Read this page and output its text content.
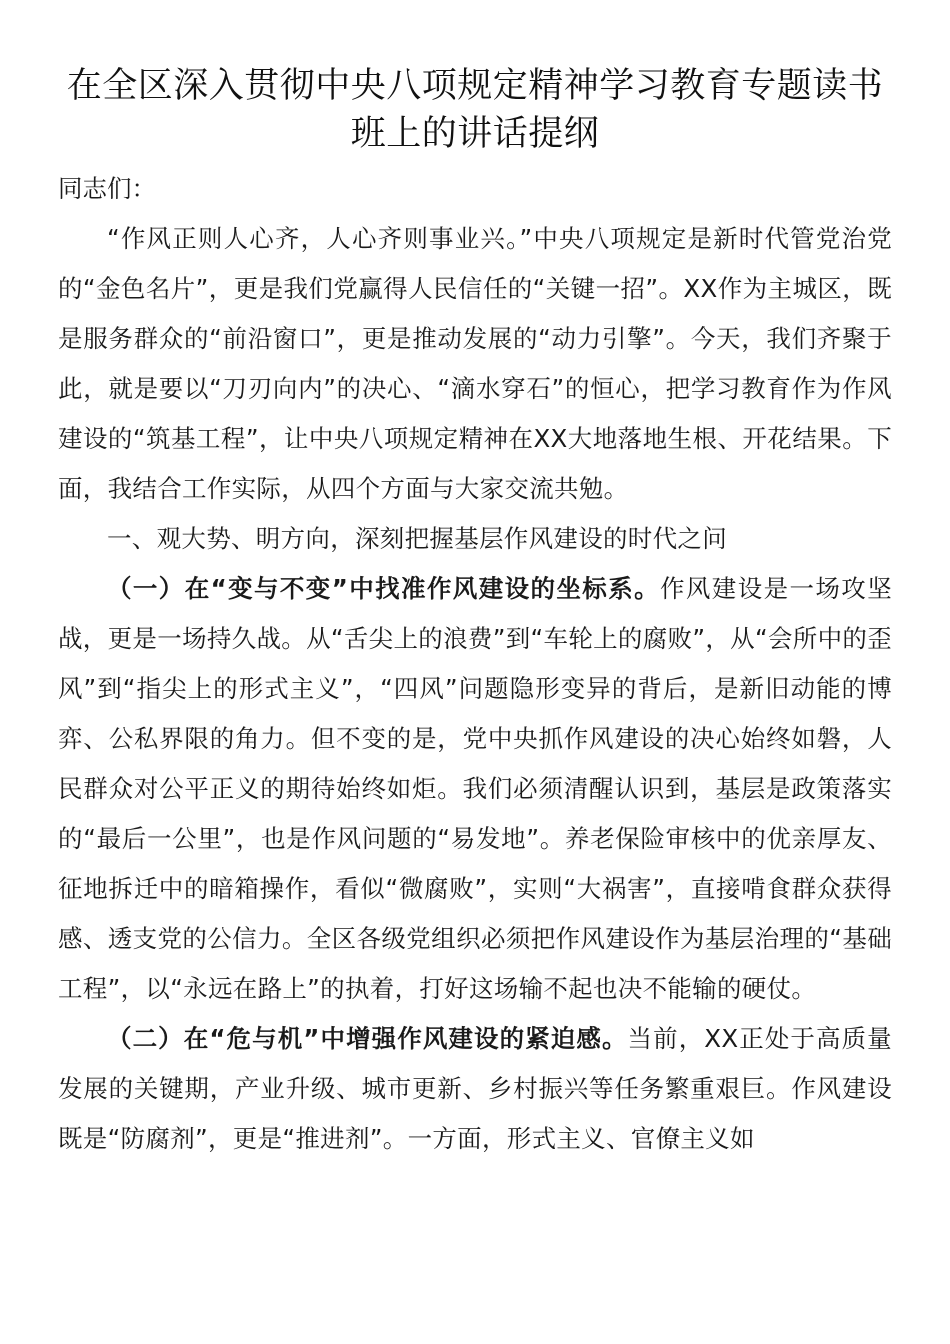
在全区深入贯彻中央八项规定精神学习教育专题读书班上的讲话提纲

同志们：

“作风正则人心齐，人心齐则事业兴。”中央八项规定是新时代管党治党的“金色名片”，更是我们党赢得人民信任的“关键一招”。XX作为主城区，既是服务群众的“前沿窗口”，更是推动发展的“动力引擎”。今天，我们齐聚于此，就是要以“刀刃向内”的决心、“滴水穿石”的恒心，把学习教育作为作风建设的“筑基工程”，让中央八项规定精神在XX大地落地生根、开花结果。下面，我结合工作实际，从四个方面与大家交流共勉。

一、观大势、明方向，深刻把握基层作风建设的时代之问

（一）在“变与不变”中找准作风建设的坐标系。作风建设是一场攻坚战，更是一场持久战。从“舌尖上的浪费”到“车轮上的腐败”，从“会所中的歪风”到“指尖上的形式主义”，“四风”问题隐形变异的背后，是新旧动能的博弈、公私界限的角力。但不变的是，党中央抓作风建设的决心始终如磐，人民群众对公平正义的期待始终如炬。我们必须清醒认识到，基层是政策落实的“最后一公里”，也是作风问题的“易发地”。养老保险审核中的优亲厚友、征地拆迁中的暗箱操作，看似“微腐败”，实则“大祸害”，直接啃食群众获得感、透支党的公信力。全区各级党组织必须把作风建设作为基层治理的“基础工程”，以“永远在路上”的执着，打好这场输不起也决不能输的硬仗。

（二）在“危与机”中增强作风建设的紧迫感。当前，XX正处于高质量发展的关键期，产业升级、城市更新、乡村振兴等任务繁重艰巨。作风建设既是“防腐剂”，更是“推进剂”。一方面，形式主义、官僚主义如
